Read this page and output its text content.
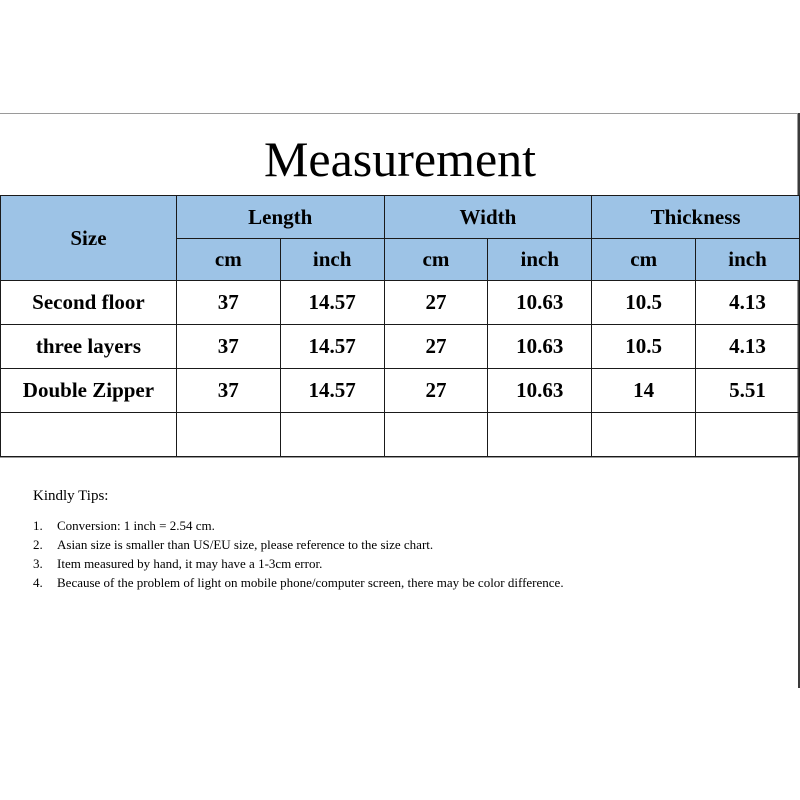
Measurement
Size	Length		Width		Thickness	
	cm	inch	cm	inch	cm	inch
Second floor	37	14.57	27	10.63	10.5	4.13
three layers	37	14.57	27	10.63	10.5	4.13
Double Zipper	37	14.57	27	10.63	14	5.51

Kindly Tips:
1. Conversion: 1 inch = 2.54 cm.
2. Asian size is smaller than US/EU size, please reference to the size chart.
3. Item measured by hand, it may have a 1-3cm error.
4. Because of the problem of light on mobile phone/computer screen, there may be color difference.
